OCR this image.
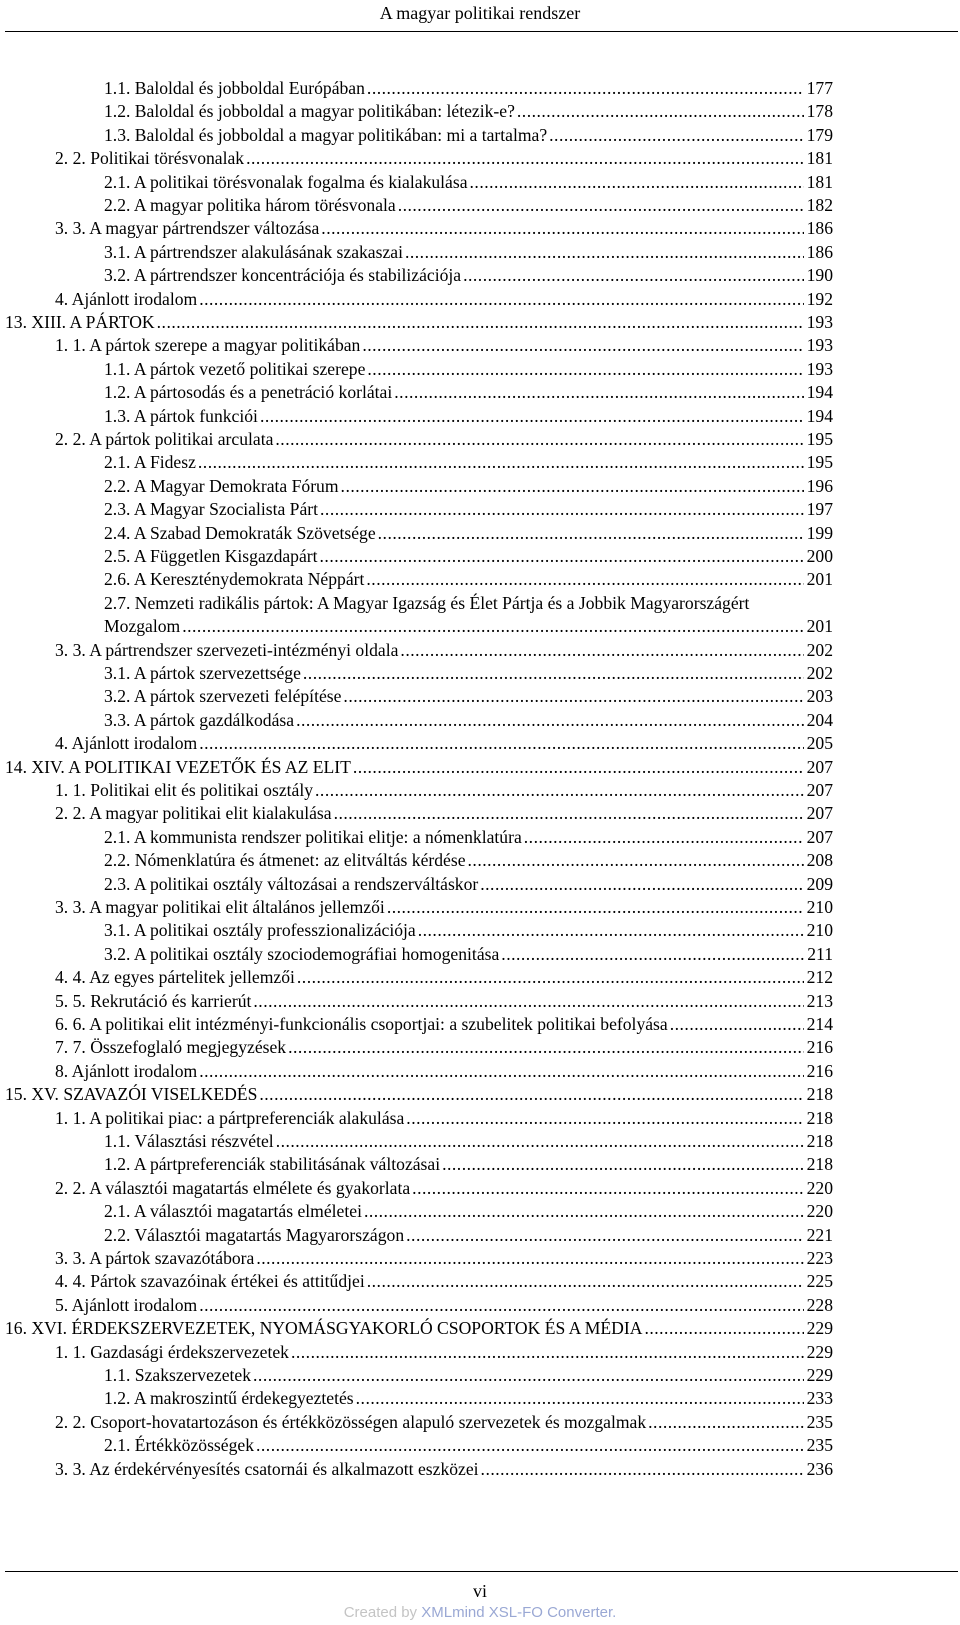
A magyar politikai rendszer
1.1. Baloldal és jobboldal Európában .....	177
1.2. Baloldal és jobboldal a magyar politikában: létezik-e? .....	178
1.3. Baloldal és jobboldal a magyar politikában: mi a tartalma? .....	179
2. 2. Politikai törésvonalak .....	181
2.1. A politikai törésvonalak fogalma és kialakulása .....	181
2.2. A magyar politika három törésvonala .....	182
3. 3. A magyar pártrendszer változása .....	186
3.1. A pártrendszer alakulásának szakaszai .....	186
3.2. A pártrendszer koncentrációja és stabilizációja .....	190
4. Ajánlott irodalom .....	192
13. XIII. A PÁRTOK .....	193
1. 1. A pártok szerepe a magyar politikában .....	193
1.1. A pártok vezető politikai szerepe .....	193
1.2. A pártosodás és a penetráció korlátai .....	194
1.3. A pártok funkciói .....	194
2. 2. A pártok politikai arculata .....	195
2.1. A Fidesz .....	195
2.2. A Magyar Demokrata Fórum .....	196
2.3. A Magyar Szocialista Párt .....	197
2.4. A Szabad Demokraták Szövetsége .....	199
2.5. A Független Kisgazdapárt .....	200
2.6. A Kereszténydemokrata Néppárt .....	201
2.7. Nemzeti radikális pártok: A Magyar Igazság és Élet Pártja és a Jobbik Magyarországért
Mozgalom .....	201
3. 3. A pártrendszer szervezeti-intézményi oldala .....	202
3.1. A pártok szervezettsége .....	202
3.2. A pártok szervezeti felépítése .....	203
3.3. A pártok gazdálkodása .....	204
4. Ajánlott irodalom .....	205
14. XIV. A POLITIKAI VEZETŐK ÉS AZ ELIT .....	207
1. 1. Politikai elit és politikai osztály .....	207
2. 2. A magyar politikai elit kialakulása .....	207
2.1. A kommunista rendszer politikai elitje: a nómenklatúra .....	207
2.2. Nómenklatúra és átmenet: az elitváltás kérdése .....	208
2.3. A politikai osztály változásai a rendszerváltáskor .....	209
3. 3. A magyar politikai elit általános jellemzői .....	210
3.1. A politikai osztály professzionalizációja .....	210
3.2. A politikai osztály szociodemográfiai homogenitása .....	211
4. 4. Az egyes pártelitek jellemzői .....	212
5. 5. Rekrutáció és karrierút .....	213
6. 6. A politikai elit intézményi-funkcionális csoportjai: a szubelitek politikai befolyása .....	214
7. 7. Összefoglaló megjegyzések .....	216
8. Ajánlott irodalom .....	216
15. XV. SZAVAZÓI VISELKEDÉS .....	218
1. 1. A politikai piac: a pártpreferenciák alakulása .....	218
1.1. Választási részvétel .....	218
1.2. A pártpreferenciák stabilitásának változásai .....	218
2. 2. A választói magatartás elmélete és gyakorlata .....	220
2.1. A választói magatartás elméletei .....	220
2.2. Választói magatartás Magyarországon .....	221
3. 3. A pártok szavazótábora .....	223
4. 4. Pártok szavazóinak értékei és attitűdjei .....	225
5. Ajánlott irodalom .....	228
16. XVI. ÉRDEKSZERVEZETEK, NYOMÁSGYAKORLÓ CSOPORTOK ÉS A MÉDIA .....	229
1. 1. Gazdasági érdekszervezetek .....	229
1.1. Szakszervezetek .....	229
1.2. A makroszintű érdekegyeztetés .....	233
2. 2. Csoport-hovatartozáson és értékközösségen alapuló szervezetek és mozgalmak .....	235
2.1. Értékközösségek .....	235
3. 3. Az érdekérvényesítés csatornái és alkalmazott eszközei .....	236
vi
Created by XMLmind XSL-FO Converter.
